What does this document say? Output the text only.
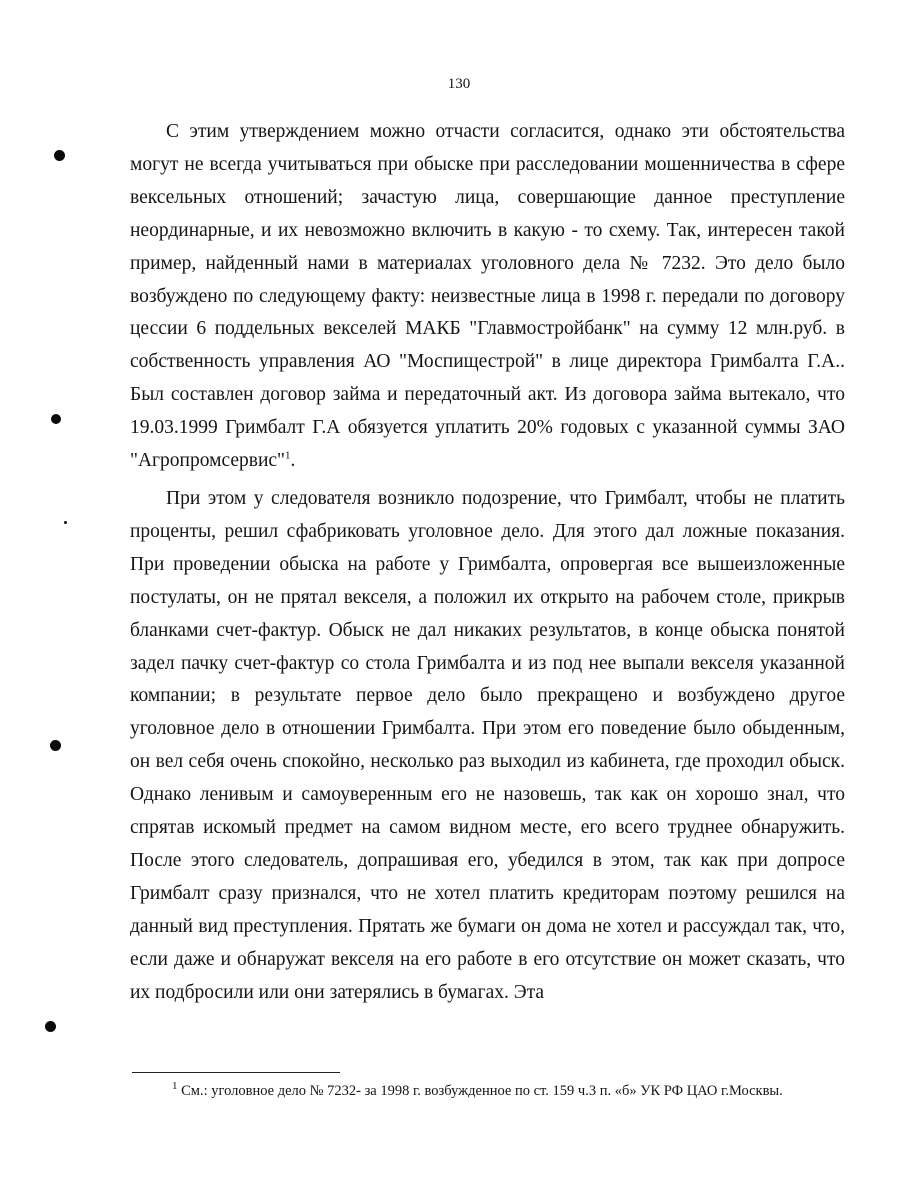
130

С этим утверждением можно отчасти согласится, однако эти обстоятельства могут не всегда учитываться при обыске при расследовании мошенничества в сфере вексельных отношений; зачастую лица, совершающие данное преступление неординарные, и их невозможно включить в какую - то схему. Так, интересен такой пример, найденный нами в материалах уголовного дела № 7232. Это дело было возбуждено по следующему факту: неизвестные лица в 1998 г. передали по договору цессии 6 поддельных векселей МАКБ "Главмостройбанк" на сумму 12 млн.руб. в собственность управления АО "Моспищестрой" в лице директора Гримбалта Г.А.. Был составлен договор займа и передаточный акт. Из договора займа вытекало, что 19.03.1999 Гримбалт Г.А обязуется уплатить 20% годовых с указанной суммы ЗАО "Агропромсервис"$^1$.

При этом у следователя возникло подозрение, что Гримбалт, чтобы не платить проценты, решил сфабриковать уголовное дело. Для этого дал ложные показания. При проведении обыска на работе у Гримбалта, опровергая все вышеизложенные постулаты, он не прятал векселя, а положил их открыто на рабочем столе, прикрыв бланками счет-фактур. Обыск не дал никаких результатов, в конце обыска понятой задел пачку счет-фактур со стола Гримбалта и из под нее выпали векселя указанной компании; в результате первое дело было прекращено и возбуждено другое уголовное дело в отношении Гримбалта. При этом его поведение было обыденным, он вел себя очень спокойно, несколько раз выходил из кабинета, где проходил обыск. Однако ленивым и самоуверенным его не назовешь, так как он хорошо знал, что спрятав искомый предмет на самом видном месте, его всего труднее обнаружить. После этого следователь, допрашивая его, убедился в этом, так как при допросе Гримбалт сразу признался, что не хотел платить кредиторам поэтому решился на данный вид преступления. Прятать же бумаги он дома не хотел и рассуждал так, что, если даже и обнаружат векселя на его работе в его отсутствие он может сказать, что их подбросили или они затерялись в бумагах. Эта

$^1$ См.: уголовное дело № 7232- за 1998 г. возбужденное по ст. 159 ч.3 п. «б» УК РФ ЦАО г.Москвы.
